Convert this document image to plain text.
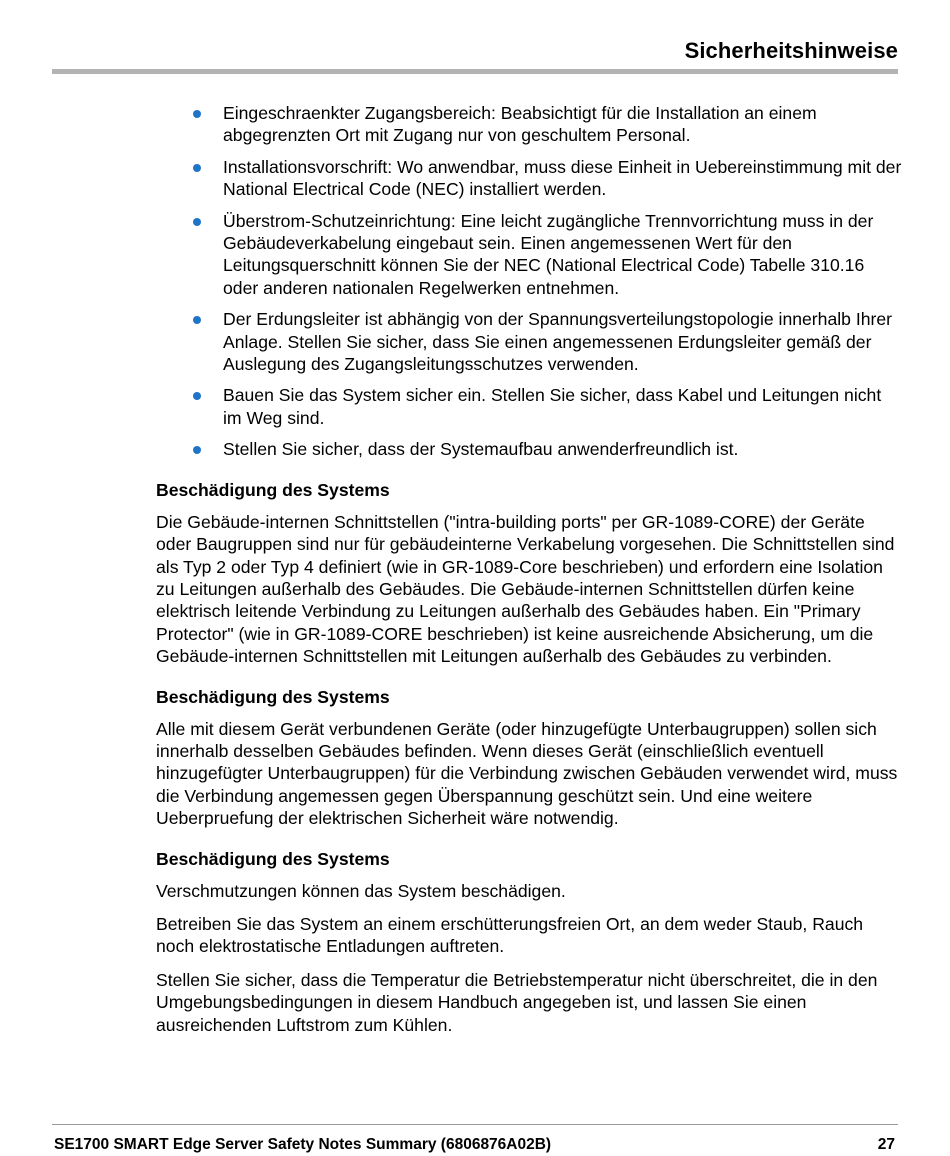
Sicherheitshinweise
Eingeschraenkter Zugangsbereich: Beabsichtigt für die Installation an einem abgegrenzten Ort mit Zugang nur von geschultem Personal.
Installationsvorschrift: Wo anwendbar, muss diese Einheit in Uebereinstimmung mit der National Electrical Code (NEC) installiert werden.
Überstrom-Schutzeinrichtung: Eine leicht zugängliche Trennvorrichtung muss in der Gebäudeverkabelung eingebaut sein. Einen angemessenen Wert für den Leitungsquerschnitt können Sie der NEC (National Electrical Code) Tabelle 310.16 oder anderen nationalen Regelwerken entnehmen.
Der Erdungsleiter ist abhängig von der Spannungsverteilungstopologie innerhalb Ihrer Anlage. Stellen Sie sicher, dass Sie einen angemessenen Erdungsleiter gemäß der Auslegung des Zugangsleitungsschutzes verwenden.
Bauen Sie das System sicher ein. Stellen Sie sicher, dass Kabel und Leitungen nicht im Weg sind.
Stellen Sie sicher, dass der Systemaufbau anwenderfreundlich ist.
Beschädigung des Systems

Die Gebäude-internen Schnittstellen ("intra-building ports" per GR-1089-CORE) der Geräte oder Baugruppen sind nur für gebäudeinterne Verkabelung vorgesehen. Die Schnittstellen sind als Typ 2 oder Typ 4 definiert (wie in GR-1089-Core beschrieben) und erfordern eine Isolation zu Leitungen außerhalb des Gebäudes. Die Gebäude-internen Schnittstellen dürfen keine elektrisch leitende Verbindung zu Leitungen außerhalb des Gebäudes haben. Ein "Primary Protector" (wie in GR-1089-CORE beschrieben) ist keine ausreichende Absicherung, um die Gebäude-internen Schnittstellen mit Leitungen außerhalb des Gebäudes zu verbinden.

Beschädigung des Systems

Alle mit diesem Gerät verbundenen Geräte (oder hinzugefügte Unterbaugruppen) sollen sich innerhalb desselben Gebäudes befinden. Wenn dieses Gerät (einschließlich eventuell hinzugefügter Unterbaugruppen) für die Verbindung zwischen Gebäuden verwendet wird, muss die Verbindung angemessen gegen Überspannung geschützt sein. Und eine weitere Ueberpruefung der elektrischen Sicherheit wäre notwendig.

Beschädigung des Systems

Verschmutzungen können das System beschädigen.

Betreiben Sie das System an einem erschütterungsfreien Ort, an dem weder Staub, Rauch noch elektrostatische Entladungen auftreten.

Stellen Sie sicher, dass die Temperatur die Betriebstemperatur nicht überschreitet, die in den Umgebungsbedingungen in diesem Handbuch angegeben ist, und lassen Sie einen ausreichenden Luftstrom zum Kühlen.

SE1700 SMART Edge Server Safety Notes Summary (6806876A02B)	27
